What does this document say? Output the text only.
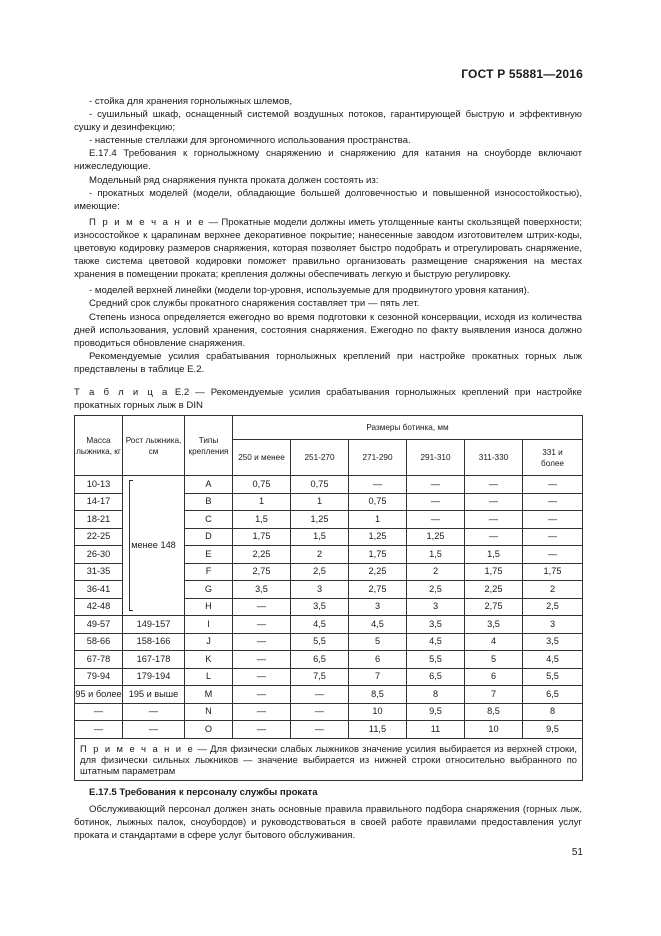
ГОСТ Р 55881—2016

- стойка для хранения горнолыжных шлемов,

- сушильный шкаф, оснащенный системой воздушных потоков, гарантирующей быструю и эффективную сушку и дезинфекцию;

- настенные стеллажи для эргономичного использования пространства.

Е.17.4 Требования к горнолыжному снаряжению и снаряжению для катания на сноуборде включают нижеследующие.

Модельный ряд снаряжения пункта проката должен состоять из:

- прокатных моделей (модели, обладающие большей долговечностью и повышенной износостойкостью), имеющие:

П р и м е ч а н и е — Прокатные модели должны иметь утолщенные канты скользящей поверхности; износостойкое к царапинам верхнее декоративное покрытие; нанесенные заводом изготовителем штрих-коды, цветовую кодировку размеров снаряжения, которая позволяет быстро подобрать и отрегулировать снаряжение, также система цветовой кодировки поможет правильно организовать размещение снаряжения на местах хранения в помещении проката; крепления должны обеспечивать легкую и быструю регулировку.

- моделей верхней линейки (модели top-уровня, используемые для продвинутого уровня катания).

Средний срок службы прокатного снаряжения составляет три — пять лет.

Степень износа определяется ежегодно во время подготовки к сезонной консервации, исходя из количества дней использования, условий хранения, состояния снаряжения. Ежегодно по факту выявления износа должно проводиться обновление снаряжения.

Рекомендуемые усилия срабатывания горнолыжных креплений при настройке прокатных горных лыж представлены в таблице Е.2.

Т а б л и ц а Е.2 — Рекомендуемые усилия срабатывания горнолыжных креплений при настройке прокатных горных лыж в DIN
Масса лыжника, кг	Рост лыжника, см	Типы крепления	Размеры ботинка, мм					
			250 и менее	251-270	271-290	291-310	311-330	331 и более
10-13	менее 148	A	0,75	0,75	—	—	—	—
14-17		B	1	1	0,75	—	—	—
18-21		C	1,5	1,25	1	—	—	—
22-25		D	1,75	1,5	1,25	1,25	—	—
26-30		E	2,25	2	1,75	1,5	1,5	—
31-35		F	2,75	2,5	2,25	2	1,75	1,75
36-41		G	3,5	3	2,75	2,5	2,25	2
42-48		H	—	3,5	3	3	2,75	2,5
49-57	149-157	I	—	4,5	4,5	3,5	3,5	3
58-66	158-166	J	—	5,5	5	4,5	4	3,5
67-78	167-178	K	—	6,5	6	5,5	5	4,5
79-94	179-194	L	—	7,5	7	6,5	6	5,5
95 и более	195 и выше	M	—	—	8,5	8	7	6,5
—	—	N	—	—	10	9,5	8,5	8
—	—	O	—	—	11,5	11	10	9,5
П р и м е ч а н и е — Для физически слабых лыжников значение усилия выбирается из верхней строки, для физически сильных лыжников — значение выбирается из нижней строки относительно выбранного по штатным параметрам								

Е.17.5 Требования к персоналу службы проката

Обслуживающий персонал должен знать основные правила правильного подбора снаряжения (горных лыж, ботинок, лыжных палок, сноубордов) и руководствоваться в своей работе правилами предоставления услуг проката и стандартами в сфере услуг бытового обслуживания.

51
